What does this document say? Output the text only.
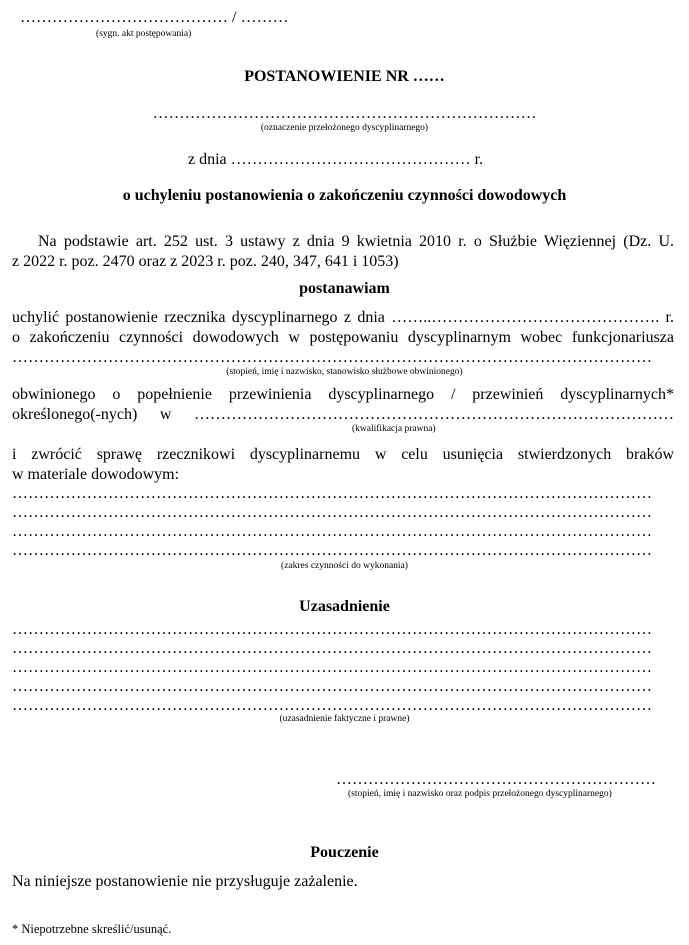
………………………………… / ………
(sygn. akt postępowania)
POSTANOWIENIE NR ……
………………………………………………………………
(oznaczenie przełożonego dyscyplinarnego)
z dnia ……………………………………… r.
o uchyleniu postanowienia o zakończeniu czynności dowodowych
Na podstawie art. 252 ust. 3 ustawy z dnia 9 kwietnia 2010 r. o Służbie Więziennej (Dz. U.
z 2022 r. poz. 2470 oraz z 2023 r. poz. 240, 347, 641 i 1053)
postanawiam
uchylić postanowienie rzecznika dyscyplinarnego z dnia ……..……………………………………. r.
o zakończeniu czynności dowodowych w postępowaniu dyscyplinarnym wobec funkcjonariusza
…………………………………………………………………………………………………………
(stopień, imię i nazwisko, stanowisko służbowe obwinionego)
obwinionego o popełnienie przewinienia dyscyplinarnego / przewinień dyscyplinarnych*
określonego(-nych) w ………………………………………………………………………………
(kwalifikacja prawna)
i zwrócić sprawę rzecznikowi dyscyplinarnemu w celu usunięcia stwierdzonych braków
w materiale dowodowym:
…………………………………………………………………………………………………………
…………………………………………………………………………………………………………
…………………………………………………………………………………………………………
…………………………………………………………………………………………………………
(zakres czynności do wykonania)
Uzasadnienie
…………………………………………………………………………………………………………
…………………………………………………………………………………………………………
…………………………………………………………………………………………………………
…………………………………………………………………………………………………………
…………………………………………………………………………………………………………
(uzasadnienie faktyczne i prawne)
……………………………………………………
(stopień, imię i nazwisko oraz podpis przełożonego dyscyplinarnego)
Pouczenie
Na niniejsze postanowienie nie przysługuje zażalenie.
* Niepotrzebne skreślić/usunąć.
